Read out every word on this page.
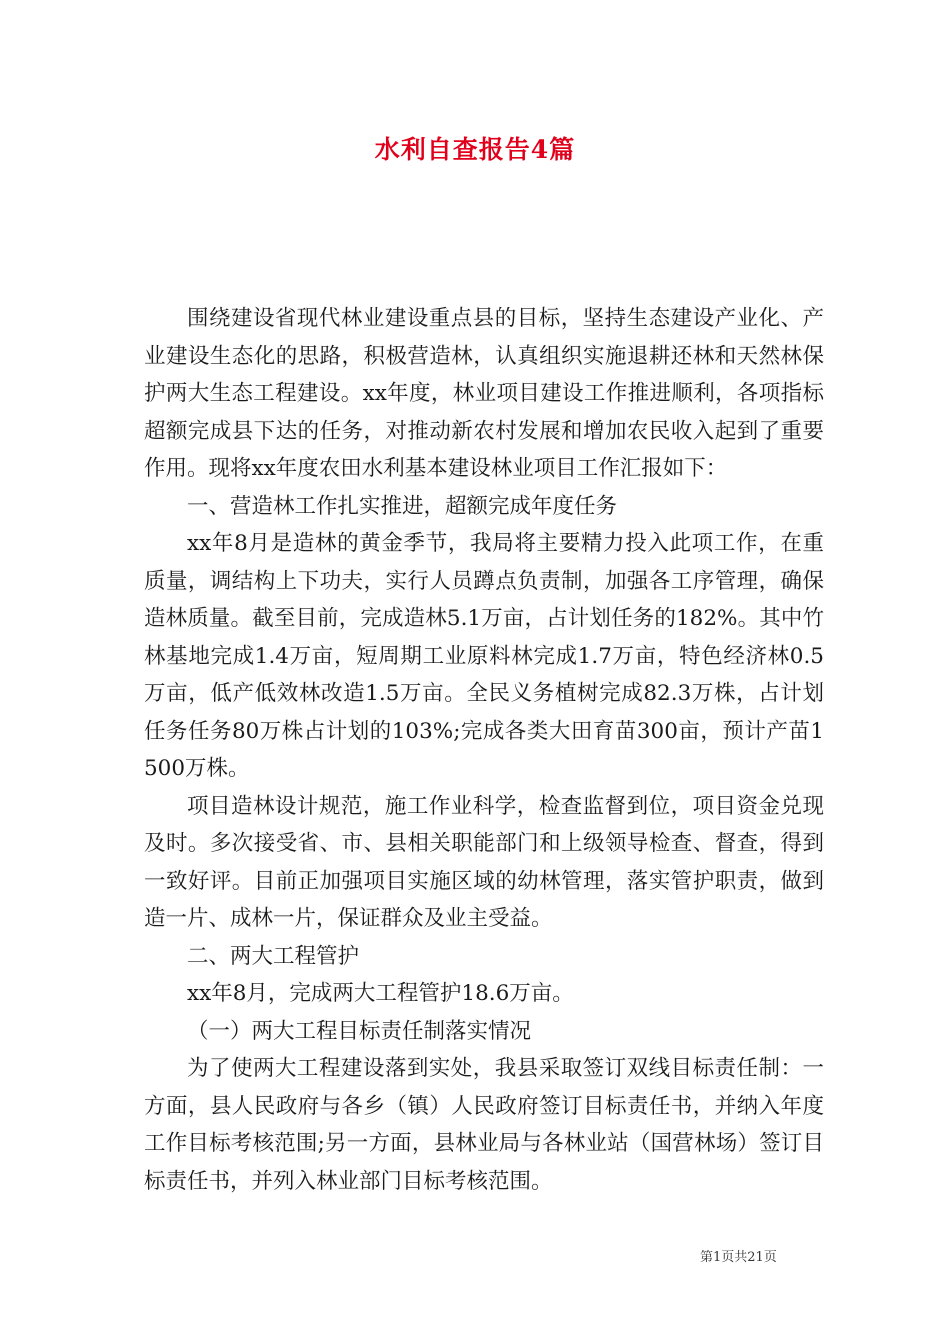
水利自查报告4篇

围绕建设省现代林业建设重点县的目标，坚持生态建设产业化、产业建设生态化的思路，积极营造林，认真组织实施退耕还林和天然林保护两大生态工程建设。xx年度，林业项目建设工作推进顺利，各项指标超额完成县下达的任务，对推动新农村发展和增加农民收入起到了重要作用。现将xx年度农田水利基本建设林业项目工作汇报如下：

一、营造林工作扎实推进，超额完成年度任务

xx年8月是造林的黄金季节，我局将主要精力投入此项工作，在重质量，调结构上下功夫，实行人员蹲点负责制，加强各工序管理，确保造林质量。截至目前，完成造林5.1万亩，占计划任务的182%。其中竹林基地完成1.4万亩，短周期工业原料林完成1.7万亩，特色经济林0.5万亩，低产低效林改造1.5万亩。全民义务植树完成82.3万株，占计划任务任务80万株占计划的103%;完成各类大田育苗300亩，预计产苗1500万株。

项目造林设计规范，施工作业科学，检查监督到位，项目资金兑现及时。多次接受省、市、县相关职能部门和上级领导检查、督查，得到一致好评。目前正加强项目实施区域的幼林管理，落实管护职责，做到造一片、成林一片，保证群众及业主受益。

二、两大工程管护

xx年8月，完成两大工程管护18.6万亩。

（一）两大工程目标责任制落实情况

为了使两大工程建设落到实处，我县采取签订双线目标责任制：一方面，县人民政府与各乡（镇）人民政府签订目标责任书，并纳入年度工作目标考核范围;另一方面，县林业局与各林业站（国营林场）签订目标责任书，并列入林业部门目标考核范围。

第1页共21页
